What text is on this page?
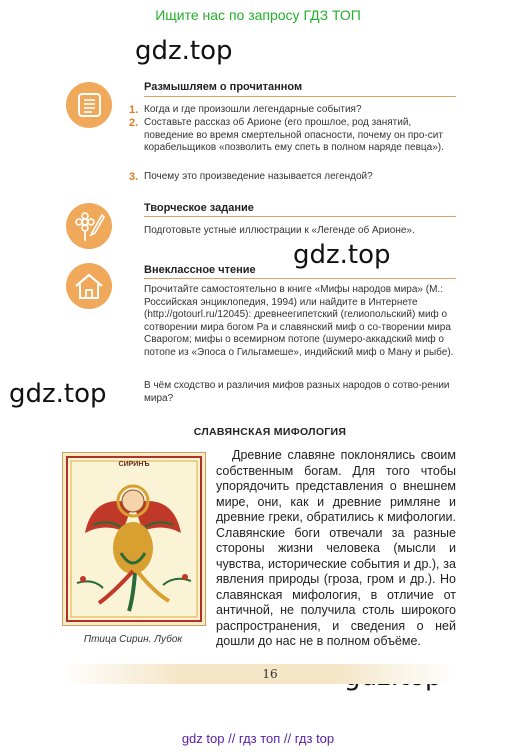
Ищите нас по запросу ГДЗ ТОП
gdz.top
gdz.top
gdz.top
Размышляем о прочитанном
1. Когда и где произошли легендарные события?
2. Составьте рассказ об Арионе (его прошлое, род занятий, поведение во время смертельной опасности, почему он про-сит корабельщиков «позволить ему спеть в полном наряде певца»).
3. Почему это произведение называется легендой?
Творческое задание
Подготовьте устные иллюстрации к «Легенде об Арионе».
Внеклассное чтение
Прочитайте самостоятельно в книге «Мифы народов мира» (М.: Российская энциклопедия, 1994) или найдите в Интернете (http://gotourl.ru/12045): древнеегипетский (гелиопольский) миф о сотворении мира богом Ра и славянский миф о со-творении мира Сварогом; мифы о всемирном потопе (шумеро-аккадский миф о потопе из «Эпоса о Гильгамеше», индийский миф о Ману и рыбе).
В чём сходство и различия мифов разных народов о сотво-рении мира?
СЛАВЯНСКАЯ МИФОЛОГИЯ
СИРИНЪ
Птица Сирин. Лубок
Древние славяне поклонялись своим собственным богам. Для того чтобы упорядочить представления о внешнем мире, они, как и древние римляне и древние греки, обратились к мифологии. Славянские боги отвечали за разные стороны жизни человека (мысли и чувства, исторические события и др.), за явления природы (гроза, гром и др.). Но славянская мифология, в отличие от античной, не получила столь широкого распространения, и сведения о ней дошли до нас не в полном объёме.
16
gdz top // гдз топ // гдз top
